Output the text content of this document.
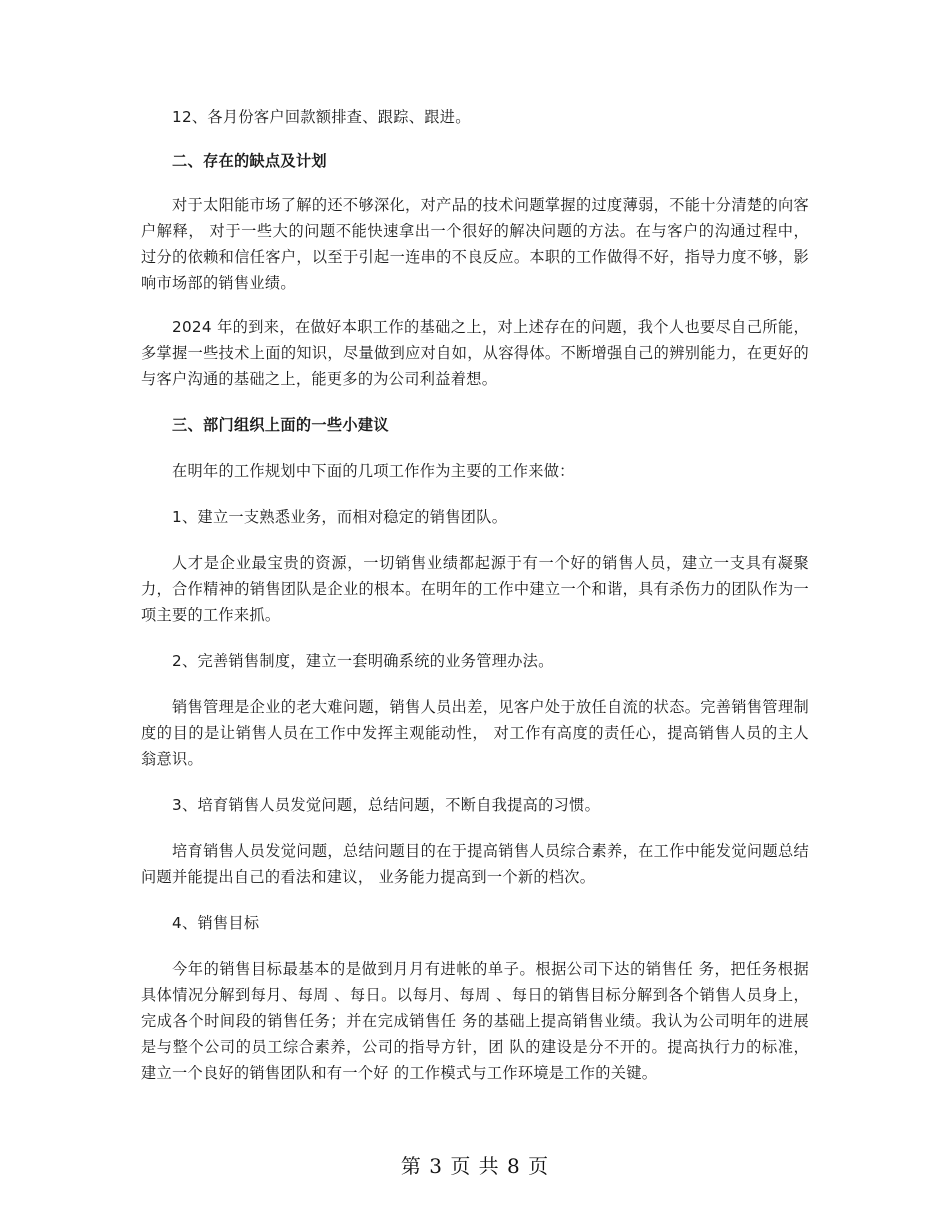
12、各月份客户回款额排查、跟踪、跟进。

二、存在的缺点及计划

对于太阳能市场了解的还不够深化，对产品的技术问题掌握的过度薄弱，不能十分清楚的向客户解释， 对于一些大的问题不能快速拿出一个很好的解决问题的方法。在与客户的沟通过程中，过分的依赖和信任客户，以至于引起一连串的不良反应。本职的工作做得不好，指导力度不够，影响市场部的销售业绩。

2024 年的到来，在做好本职工作的基础之上，对上述存在的问题，我个人也要尽自己所能，多掌握一些技术上面的知识，尽量做到应对自如，从容得体。不断增强自己的辨别能力，在更好的与客户沟通的基础之上，能更多的为公司利益着想。

三、部门组织上面的一些小建议

在明年的工作规划中下面的几项工作作为主要的工作来做：

1、建立一支熟悉业务，而相对稳定的销售团队。

人才是企业最宝贵的资源，一切销售业绩都起源于有一个好的销售人员，建立一支具有凝聚力，合作精神的销售团队是企业的根本。在明年的工作中建立一个和谐，具有杀伤力的团队作为一项主要的工作来抓。

2、完善销售制度，建立一套明确系统的业务管理办法。

销售管理是企业的老大难问题，销售人员出差，见客户处于放任自流的状态。完善销售管理制度的目的是让销售人员在工作中发挥主观能动性， 对工作有高度的责任心，提高销售人员的主人翁意识。

3、培育销售人员发觉问题，总结问题，不断自我提高的习惯。

培育销售人员发觉问题，总结问题目的在于提高销售人员综合素养，在工作中能发觉问题总结问题并能提出自己的看法和建议， 业务能力提高到一个新的档次。

4、销售目标

今年的销售目标最基本的是做到月月有进帐的单子。根据公司下达的销售任 务，把任务根据具体情况分解到每月、每周 、每日。以每月、每周 、每日的销售目标分解到各个销售人员身上，完成各个时间段的销售任务；并在完成销售任 务的基础上提高销售业绩。我认为公司明年的进展是与整个公司的员工综合素养，公司的指导方针，团 队的建设是分不开的。提高执行力的标准，建立一个良好的销售团队和有一个好 的工作模式与工作环境是工作的关键。

第 3 页 共 8 页
